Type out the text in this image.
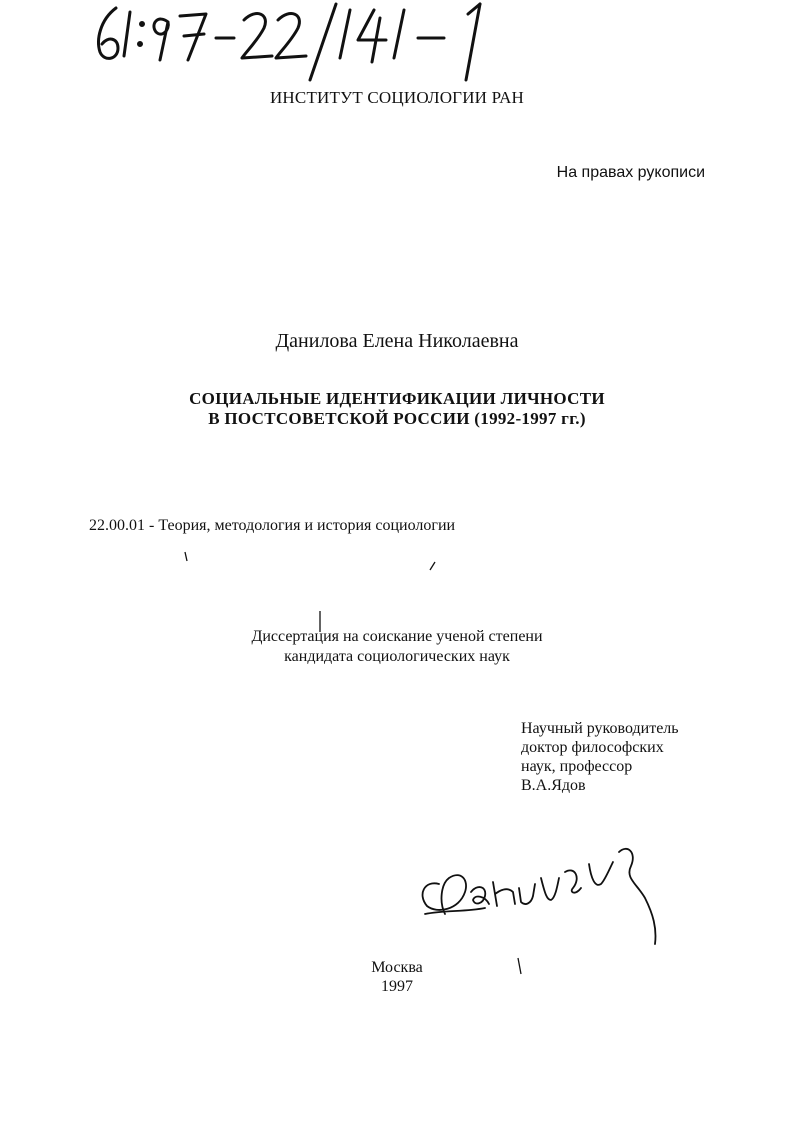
ИНСТИТУТ СОЦИОЛОГИИ РАН
На правах рукописи
Данилова Елена Николаевна
СОЦИАЛЬНЫЕ ИДЕНТИФИКАЦИИ ЛИЧНОСТИ
В ПОСТСОВЕТСКОЙ РОССИИ (1992-1997 гг.)
22.00.01 - Теория, методология и история социологии
Диссертация на соискание ученой степени
кандидата социологических наук
Научный руководитель
доктор философских
наук, профессор
В.А.Ядов
Москва
1997
